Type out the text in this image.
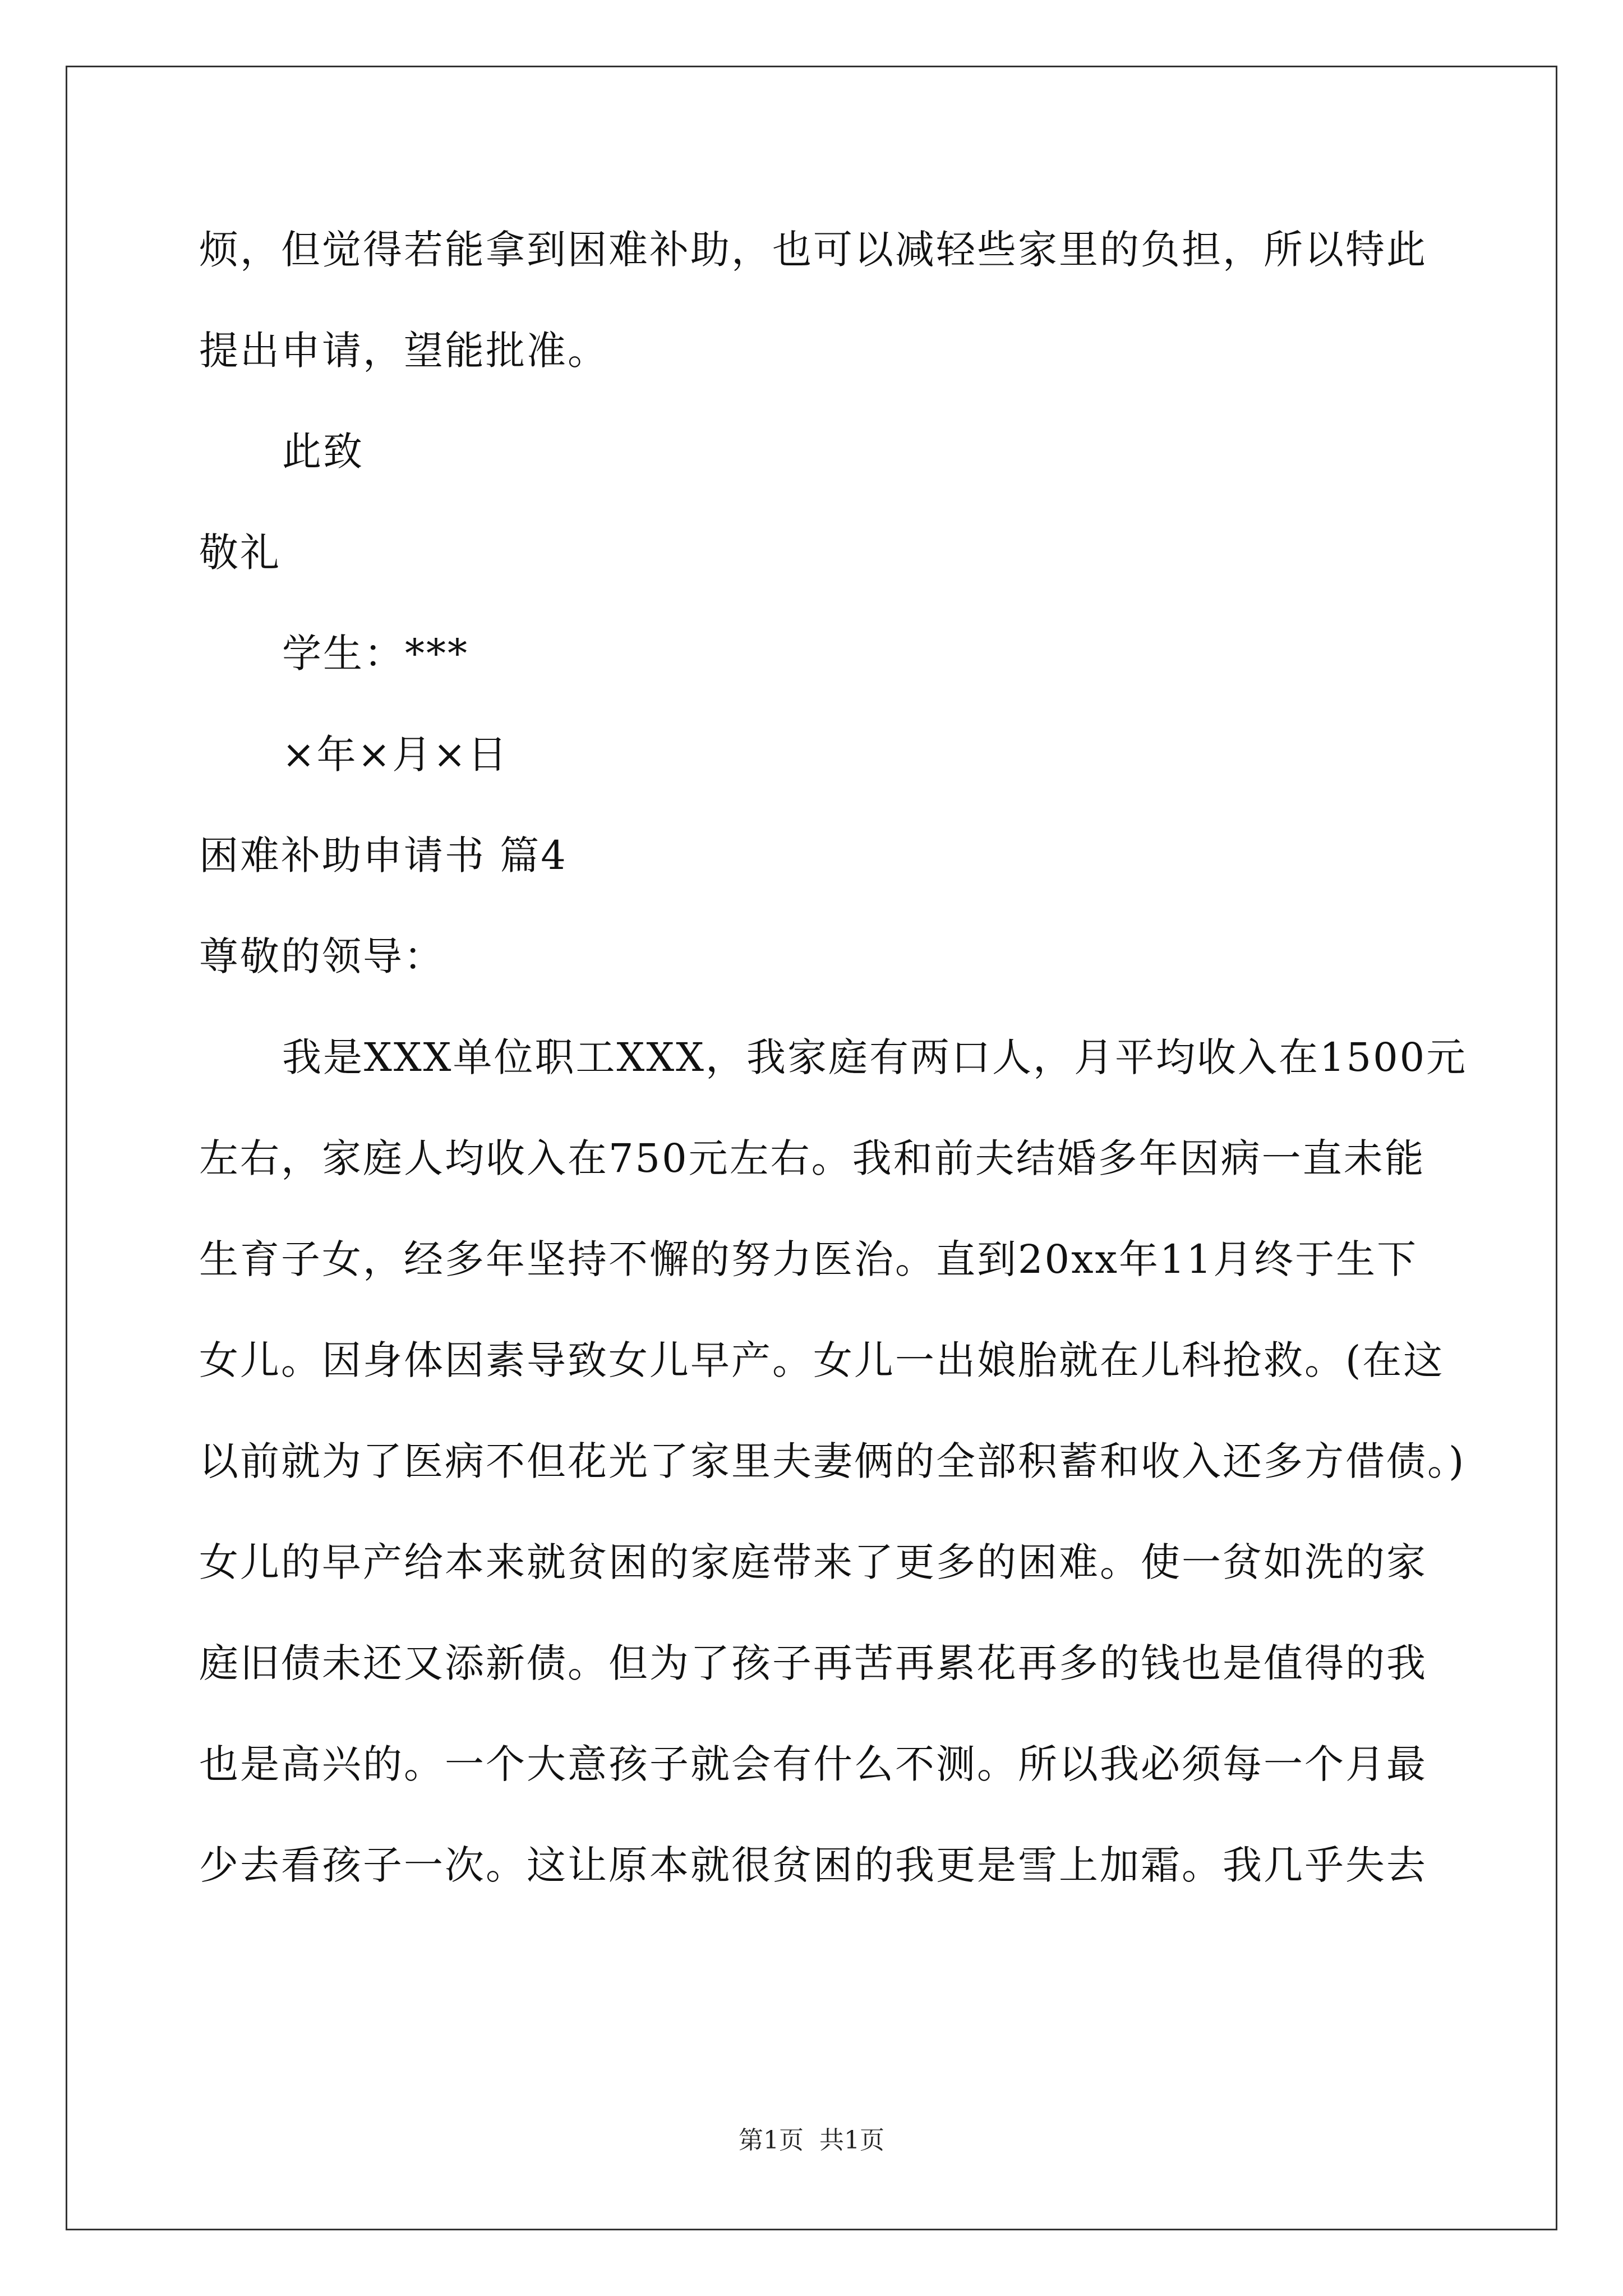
烦，但觉得若能拿到困难补助，也可以减轻些家里的负担，所以特此
提出申请，望能批准。
此致
敬礼
学生：***
×年×月×日
困难补助申请书 篇4
尊敬的领导：
我是XXX单位职工XXX，我家庭有两口人，月平均收入在1500元
左右，家庭人均收入在750元左右。我和前夫结婚多年因病一直未能
生育子女，经多年坚持不懈的努力医治。直到20xx年11月终于生下
女儿。因身体因素导致女儿早产。女儿一出娘胎就在儿科抢救。(在这
以前就为了医病不但花光了家里夫妻俩的全部积蓄和收入还多方借债。)
女儿的早产给本来就贫困的家庭带来了更多的困难。使一贫如洗的家
庭旧债未还又添新债。但为了孩子再苦再累花再多的钱也是值得的我
也是高兴的。一个大意孩子就会有什么不测。所以我必须每一个月最
少去看孩子一次。这让原本就很贫困的我更是雪上加霜。我几乎失去
第1页 共1页
